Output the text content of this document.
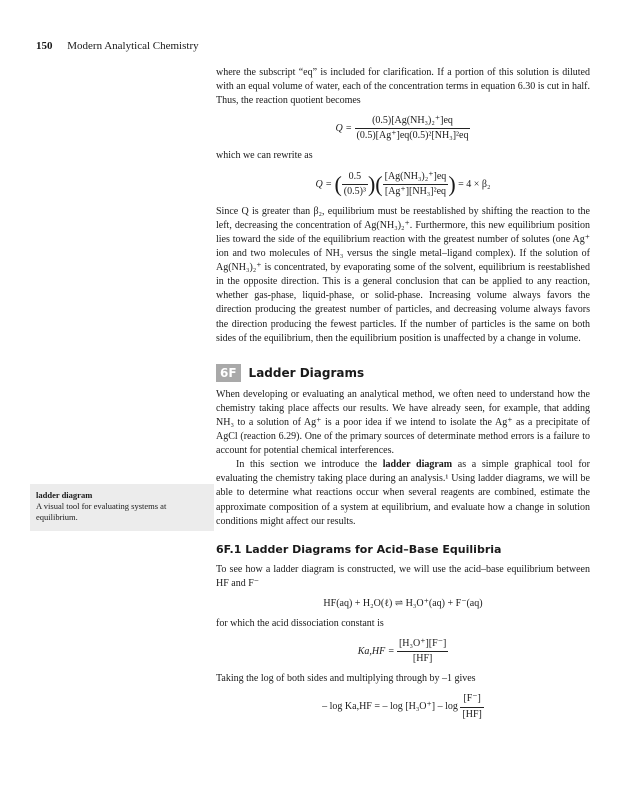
150 Modern Analytical Chemistry

where the subscript “eq” is included for clarification. If a portion of this solution is diluted with an equal volume of water, each of the concentration terms in equation 6.30 is cut in half. Thus, the reaction quotient becomes

$Q = \frac{\text{(0.5)[Ag(NH₃)₂⁺]eq}}{\text{(0.5)[Ag⁺]eq(0.5)²[NH₃]²eq}}$

which we can rewrite as

Q = ( $\frac{0.5}{\text{(0.5)³}}$ )( $\frac{\text{[Ag(NH₃)₂⁺]eq}}{\text{[Ag⁺][NH₃]²eq}}$ ) = 4 × β₂

Since Q is greater than β₂, equilibrium must be reestablished by shifting the reaction to the left, decreasing the concentration of Ag(NH₃)₂⁺. Furthermore, this new equilibrium position lies toward the side of the equilibrium reaction with the greatest number of solutes (one Ag⁺ ion and two molecules of NH₃ versus the single metal–ligand complex). If the solution of Ag(NH₃)₂⁺ is concentrated, by evaporating some of the solvent, equilibrium is reestablished in the opposite direction. This is a general conclusion that can be applied to any reaction, whether gas-phase, liquid-phase, or solid-phase. Increasing volume always favors the direction producing the greatest number of particles, and decreasing volume always favors the direction producing the fewest particles. If the number of particles is the same on both sides of the equilibrium, then the equilibrium position is unaffected by a change in volume.

6F	Ladder Diagrams

When developing or evaluating an analytical method, we often need to understand how the chemistry taking place affects our results. We have already seen, for example, that adding NH₃ to a solution of Ag⁺ is a poor idea if we intend to isolate the Ag⁺ as a precipitate of AgCl (reaction 6.29). One of the primary sources of determinate method errors is a failure to account for potential chemical interferences.

In this section we introduce the ladder diagram as a simple graphical tool for evaluating the chemistry taking place during an analysis.¹ Using ladder diagrams, we will be able to determine what reactions occur when several reagents are combined, estimate the approximate composition of a system at equilibrium, and evaluate how a change in solution conditions might affect our results.

6F.1 Ladder Diagrams for Acid–Base Equilibria

To see how a ladder diagram is constructed, we will use the acid–base equilibrium between HF and F⁻

HF(aq) + H₂O(ℓ) ⇌ H₃O⁺(aq) + F⁻(aq)

for which the acid dissociation constant is

$Ka,HF = \frac{\text{[H₃O⁺][F⁻]}}{[HF]}$

Taking the log of both sides and multiplying through by –1 gives

– log Ka,HF = – $\log [H_3O^+] - \log \frac{[F^-]}{[HF]}$
ladder diagram
A visual tool for evaluating systems at equilibrium.
